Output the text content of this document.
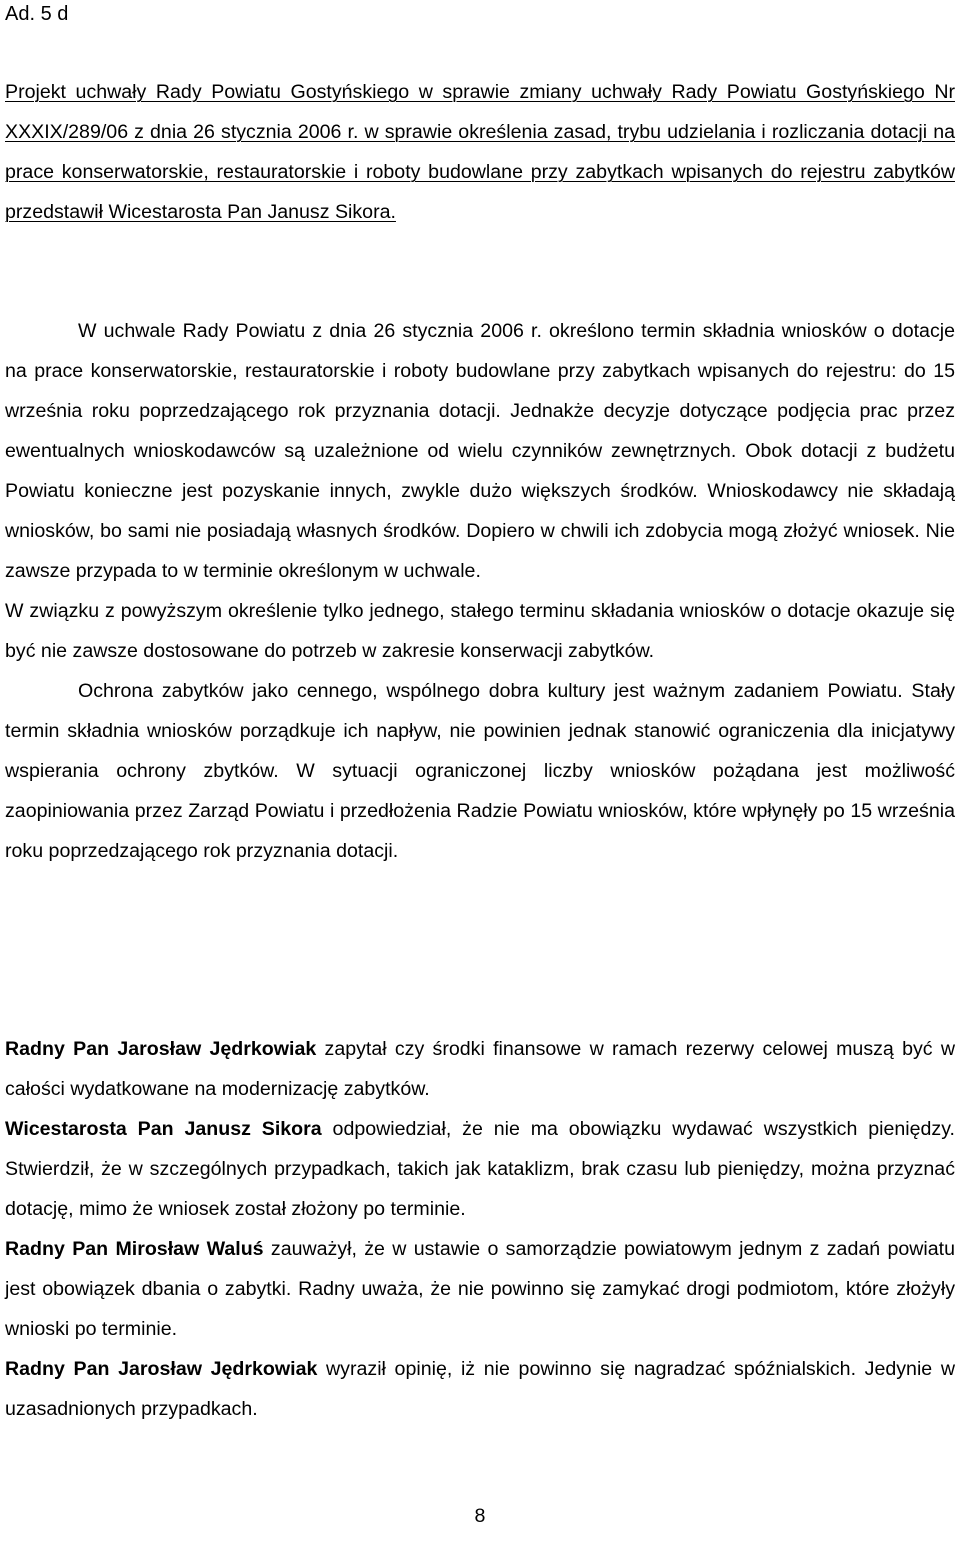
Ad. 5 d

Projekt uchwały Rady Powiatu Gostyńskiego w sprawie zmiany uchwały Rady Powiatu Gostyńskiego Nr XXXIX/289/06 z dnia 26 stycznia 2006 r. w sprawie określenia zasad, trybu udzielania i rozliczania dotacji na prace konserwatorskie, restauratorskie i roboty budowlane przy zabytkach wpisanych do rejestru zabytków przedstawił Wicestarosta Pan Janusz Sikora.

W uchwale Rady Powiatu z dnia 26 stycznia 2006 r. określono termin składnia wniosków o dotacje na prace konserwatorskie, restauratorskie i roboty budowlane przy zabytkach wpisanych do rejestru: do 15 września roku poprzedzającego rok przyznania dotacji. Jednakże decyzje dotyczące podjęcia prac przez ewentualnych wnioskodawców są uzależnione od wielu czynników zewnętrznych. Obok dotacji z budżetu Powiatu konieczne jest pozyskanie innych, zwykle dużo większych środków. Wnioskodawcy nie składają wniosków, bo sami nie posiadają własnych środków. Dopiero w chwili ich zdobycia mogą złożyć wniosek. Nie zawsze przypada to w terminie określonym w uchwale.

W związku z powyższym określenie tylko jednego, stałego terminu składania wniosków o dotacje okazuje się być nie zawsze dostosowane do potrzeb w zakresie konserwacji zabytków.

Ochrona zabytków jako cennego, wspólnego dobra kultury jest ważnym zadaniem Powiatu. Stały termin składnia wniosków porządkuje ich napływ, nie powinien jednak stanowić ograniczenia dla inicjatywy wspierania ochrony zbytków. W sytuacji ograniczonej liczby wniosków pożądana jest możliwość zaopiniowania przez Zarząd Powiatu i przedłożenia Radzie Powiatu wniosków, które wpłynęły po 15 września roku poprzedzającego rok przyznania dotacji.

Radny Pan Jarosław Jędrkowiak zapytał czy środki finansowe w ramach rezerwy celowej muszą być w całości wydatkowane na modernizację zabytków.

Wicestarosta Pan Janusz Sikora odpowiedział, że nie ma obowiązku wydawać wszystkich pieniędzy. Stwierdził, że w szczególnych przypadkach, takich jak kataklizm, brak czasu lub pieniędzy, można przyznać dotację, mimo że wniosek został złożony po terminie.

Radny Pan Mirosław Waluś zauważył, że w ustawie o samorządzie powiatowym jednym z zadań powiatu jest obowiązek dbania o zabytki. Radny uważa, że nie powinno się zamykać drogi podmiotom, które złożyły wnioski po terminie.

Radny Pan Jarosław Jędrkowiak wyraził opinię, iż nie powinno się nagradzać spóźnialskich. Jedynie w uzasadnionych przypadkach.

8
